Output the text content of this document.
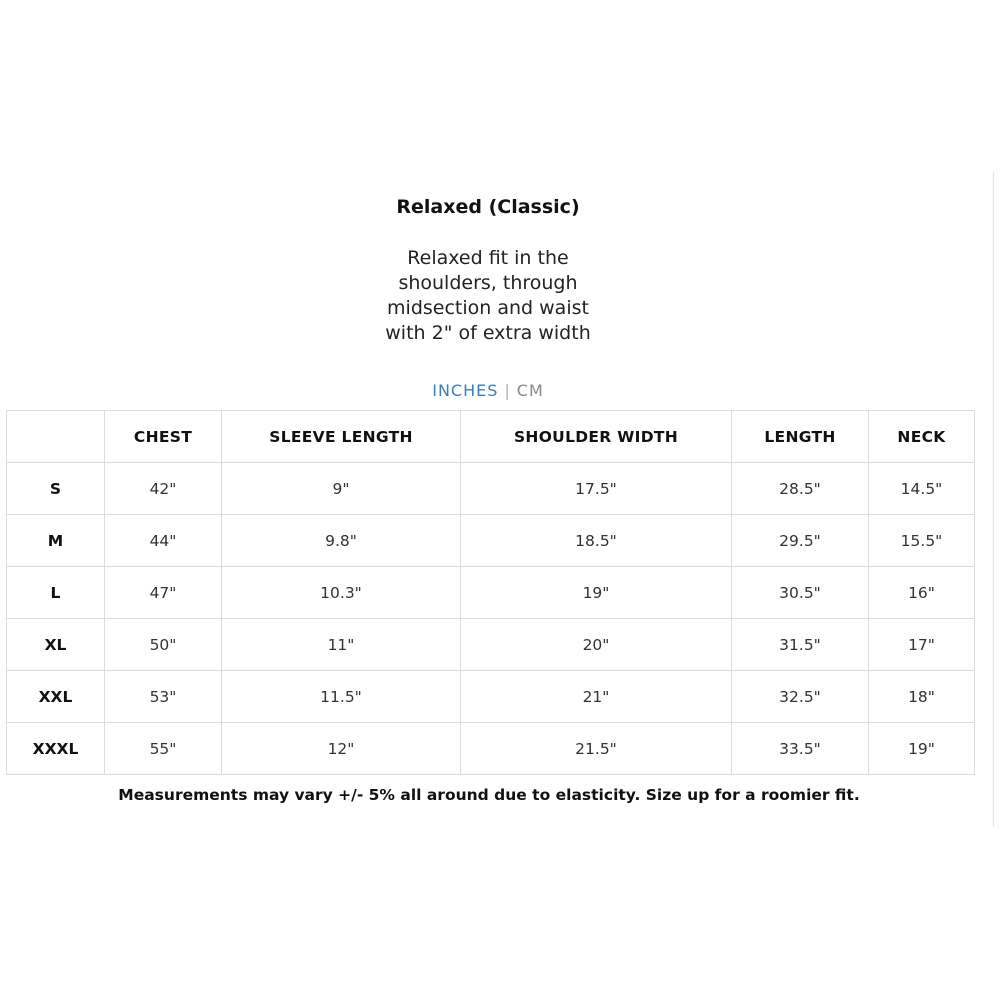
Relaxed (Classic)
Relaxed fit in the
shoulders, through
midsection and waist
with 2" of extra width
INCHES | CM
	CHEST	SLEEVE LENGTH	SHOULDER WIDTH	LENGTH	NECK
S	42"	9"	17.5"	28.5"	14.5"
M	44"	9.8"	18.5"	29.5"	15.5"
L	47"	10.3"	19"	30.5"	16"
XL	50"	11"	20"	31.5"	17"
XXL	53"	11.5"	21"	32.5"	18"
XXXL	55"	12"	21.5"	33.5"	19"
Measurements may vary +/- 5% all around due to elasticity. Size up for a roomier fit.
